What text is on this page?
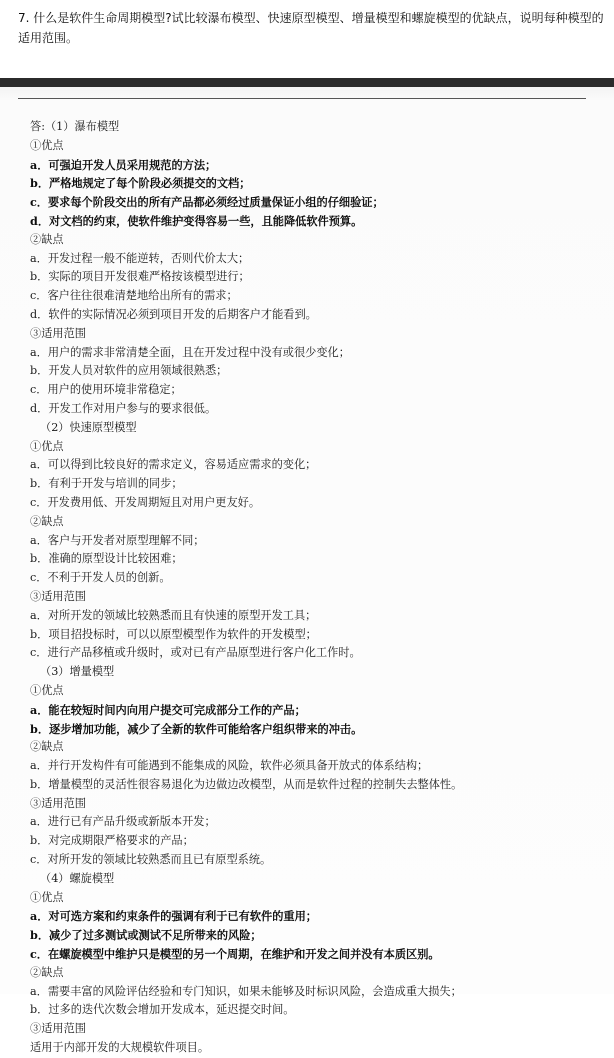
7. 什么是软件生命周期模型?试比较瀑布模型、快速原型模型、增量模型和螺旋模型的优缺点，说明每种模型的适用范围。
答:（1）瀑布模型
①优点
a．可强迫开发人员采用规范的方法；
b．严格地规定了每个阶段必须提交的文档；
c．要求每个阶段交出的所有产品都必须经过质量保证小组的仔细验证；
d．对文档的约束，使软件维护变得容易一些，且能降低软件预算。
②缺点
a．开发过程一般不能逆转，否则代价太大；
b．实际的项目开发很难严格按该模型进行；
c．客户往往很难清楚地给出所有的需求；
d．软件的实际情况必须到项目开发的后期客户才能看到。
③适用范围
a．用户的需求非常清楚全面，且在开发过程中没有或很少变化；
b．开发人员对软件的应用领域很熟悉；
c．用户的使用环境非常稳定；
d．开发工作对用户参与的要求很低。
（2）快速原型模型
①优点
a．可以得到比较良好的需求定义，容易适应需求的变化；
b．有利于开发与培训的同步；
c．开发费用低、开发周期短且对用户更友好。
②缺点
a．客户与开发者对原型理解不同；
b．准确的原型设计比较困难；
c．不利于开发人员的创新。
③适用范围
a．对所开发的领域比较熟悉而且有快速的原型开发工具；
b．项目招投标时，可以以原型模型作为软件的开发模型；
c．进行产品移植或升级时，或对已有产品原型进行客户化工作时。
（3）增量模型
①优点
a．能在较短时间内向用户提交可完成部分工作的产品；
b．逐步增加功能，减少了全新的软件可能给客户组织带来的冲击。
②缺点
a．并行开发构件有可能遇到不能集成的风险，软件必须具备开放式的体系结构；
b．增量模型的灵活性很容易退化为边做边改模型，从而是软件过程的控制失去整体性。
③适用范围
a．进行已有产品升级或新版本开发；
b．对完成期限严格要求的产品；
c．对所开发的领域比较熟悉而且已有原型系统。
（4）螺旋模型
①优点
a．对可选方案和约束条件的强调有利于已有软件的重用；
b．减少了过多测试或测试不足所带来的风险；
c．在螺旋模型中维护只是模型的另一个周期，在维护和开发之间并没有本质区别。
②缺点
a．需要丰富的风险评估经验和专门知识，如果未能够及时标识风险，会造成重大损失；
b．过多的迭代次数会增加开发成本，延迟提交时间。
③适用范围
适用于内部开发的大规模软件项目。
